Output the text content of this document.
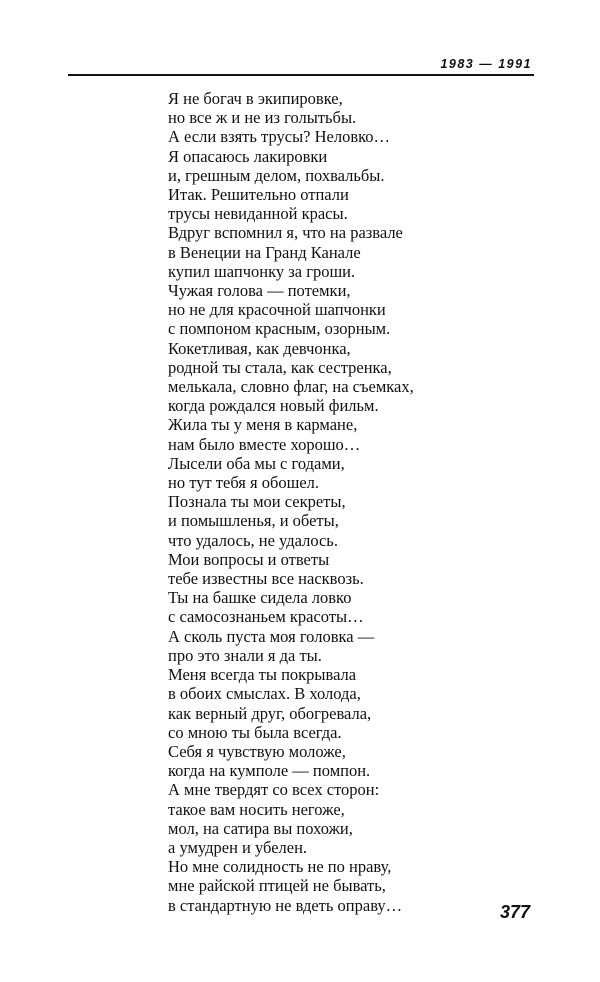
1983 — 1991
Я не богач в экипировке,
но все ж и не из голытьбы.
А если взять трусы? Неловко…
Я опасаюсь лакировки
и, грешным делом, похвальбы.
Итак. Решительно отпали
трусы невиданной красы.
Вдруг вспомнил я, что на развале
в Венеции на Гранд Канале
купил шапчонку за гроши.
Чужая голова — потемки,
но не для красочной шапчонки
с помпоном красным, озорным.
Кокетливая, как девчонка,
родной ты стала, как сестренка,
мелькала, словно флаг, на съемках,
когда рождался новый фильм.
Жила ты у меня в кармане,
нам было вместе хорошо…
Лысели оба мы с годами,
но тут тебя я обошел.
Познала ты мои секреты,
и помышленья, и обеты,
что удалось, не удалось.
Мои вопросы и ответы
тебе известны все насквозь.
Ты на башке сидела ловко
с самосознаньем красоты…
А сколь пуста моя головка —
про это знали я да ты.
Меня всегда ты покрывала
в обоих смыслах. В холода,
как верный друг, обогревала,
со мною ты была всегда.
Себя я чувствую моложе,
когда на кумполе — помпон.
А мне твердят со всех сторон:
такое вам носить негоже,
мол, на сатира вы похожи,
а умудрен и убелен.
Но мне солидность не по нраву,
мне райской птицей не бывать,
в стандартную не вдеть оправу…	377
